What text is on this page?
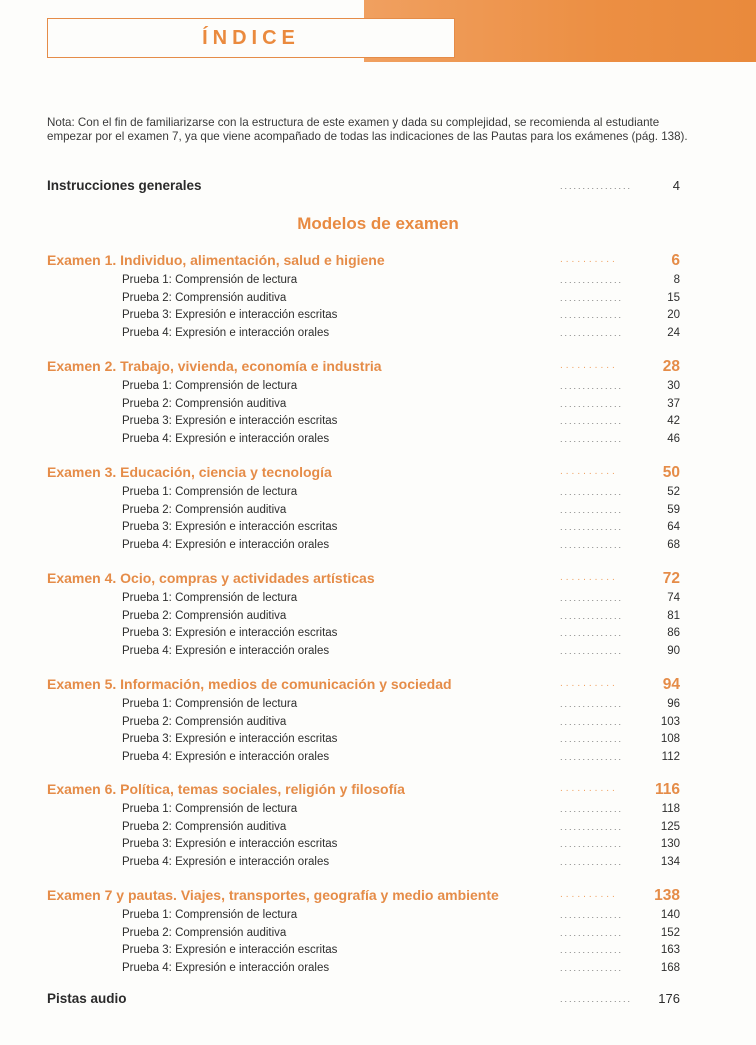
ÍNDICE
Nota: Con el fin de familiarizarse con la estructura de este examen y dada su complejidad, se recomienda al estudiante empezar por el examen 7, ya que viene acompañado de todas las indicaciones de las Pautas para los exámenes (pág. 138).
Instrucciones generales	................	4
Modelos de examen
Examen 1. Individuo, alimentación, salud e higiene	..........	6
Prueba 1: Comprensión de lectura	..............	8
Prueba 2: Comprensión auditiva	..............	15
Prueba 3: Expresión e interacción escritas	..............	20
Prueba 4: Expresión e interacción orales	..............	24
Examen 2. Trabajo, vivienda, economía e industria	..........	28
Prueba 1: Comprensión de lectura	..............	30
Prueba 2: Comprensión auditiva	..............	37
Prueba 3: Expresión e interacción escritas	..............	42
Prueba 4: Expresión e interacción orales	..............	46
Examen 3. Educación, ciencia y tecnología	..........	50
Prueba 1: Comprensión de lectura	..............	52
Prueba 2: Comprensión auditiva	..............	59
Prueba 3: Expresión e interacción escritas	..............	64
Prueba 4: Expresión e interacción orales	..............	68
Examen 4. Ocio, compras y actividades artísticas	..........	72
Prueba 1: Comprensión de lectura	..............	74
Prueba 2: Comprensión auditiva	..............	81
Prueba 3: Expresión e interacción escritas	..............	86
Prueba 4: Expresión e interacción orales	..............	90
Examen 5. Información, medios de comunicación y sociedad	..........	94
Prueba 1: Comprensión de lectura	..............	96
Prueba 2: Comprensión auditiva	..............	103
Prueba 3: Expresión e interacción escritas	..............	108
Prueba 4: Expresión e interacción orales	..............	112
Examen 6. Política, temas sociales, religión y filosofía	..........	116
Prueba 1: Comprensión de lectura	..............	118
Prueba 2: Comprensión auditiva	..............	125
Prueba 3: Expresión e interacción escritas	..............	130
Prueba 4: Expresión e interacción orales	..............	134
Examen 7 y pautas. Viajes, transportes, geografía y medio ambiente	..........	138
Prueba 1: Comprensión de lectura	..............	140
Prueba 2: Comprensión auditiva	..............	152
Prueba 3: Expresión e interacción escritas	..............	163
Prueba 4: Expresión e interacción orales	..............	168
Pistas audio	................	176
